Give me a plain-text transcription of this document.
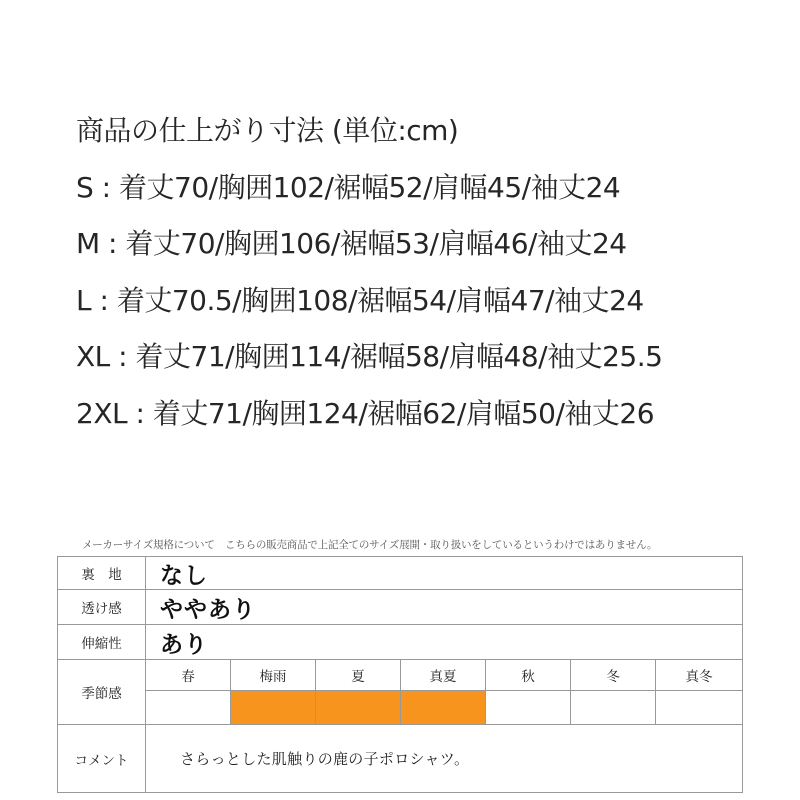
商品の仕上がり寸法 (単位:cm)
S : 着丈70/胸囲102/裾幅52/肩幅45/袖丈24
M : 着丈70/胸囲106/裾幅53/肩幅46/袖丈24
L : 着丈70.5/胸囲108/裾幅54/肩幅47/袖丈24
XL : 着丈71/胸囲114/裾幅58/肩幅48/袖丈25.5
2XL : 着丈71/胸囲124/裾幅62/肩幅50/袖丈26
メーカーサイズ規格について　こちらの販売商品で上記全てのサイズ展開・取り扱いをしているというわけではありません。
裏　地	なし
透け感	ややあり
伸縮性	あり
季節感
春	梅雨	夏	真夏	秋	冬	真冬
コメント	さらっとした肌触りの鹿の子ポロシャツ。
